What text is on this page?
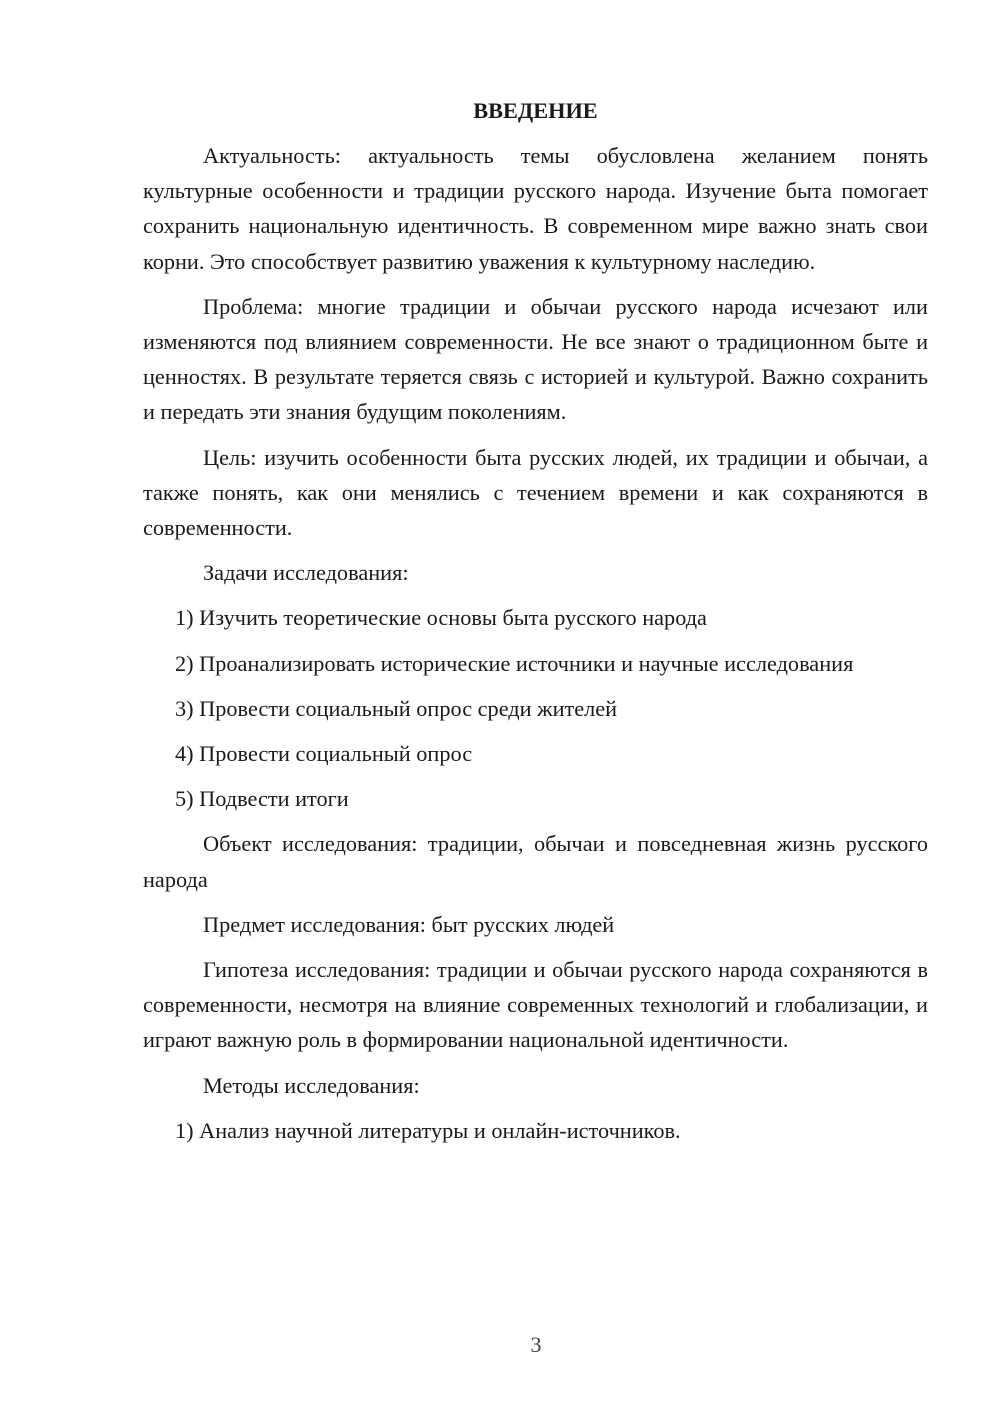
ВВЕДЕНИЕ
Актуальность: актуальность темы обусловлена желанием понять культурные особенности и традиции русского народа. Изучение быта помогает сохранить национальную идентичность. В современном мире важно знать свои корни. Это способствует развитию уважения к культурному наследию.
Проблема: многие традиции и обычаи русского народа исчезают или изменяются под влиянием современности. Не все знают о традиционном быте и ценностях. В результате теряется связь с историей и культурой. Важно сохранить и передать эти знания будущим поколениям.
Цель: изучить особенности быта русских людей, их традиции и обычаи, а также понять, как они менялись с течением времени и как сохраняются в современности.
Задачи исследования:
1) Изучить теоретические основы быта русского народа
2) Проанализировать исторические источники и научные исследования
3) Провести социальный опрос среди жителей
4) Провести социальный опрос
5) Подвести итоги
Объект исследования: традиции, обычаи и повседневная жизнь русского народа
Предмет исследования: быт русских людей
Гипотеза исследования: традиции и обычаи русского народа сохраняются в современности, несмотря на влияние современных технологий и глобализации, и играют важную роль в формировании национальной идентичности.
Методы исследования:
1) Анализ научной литературы и онлайн-источников.
3
